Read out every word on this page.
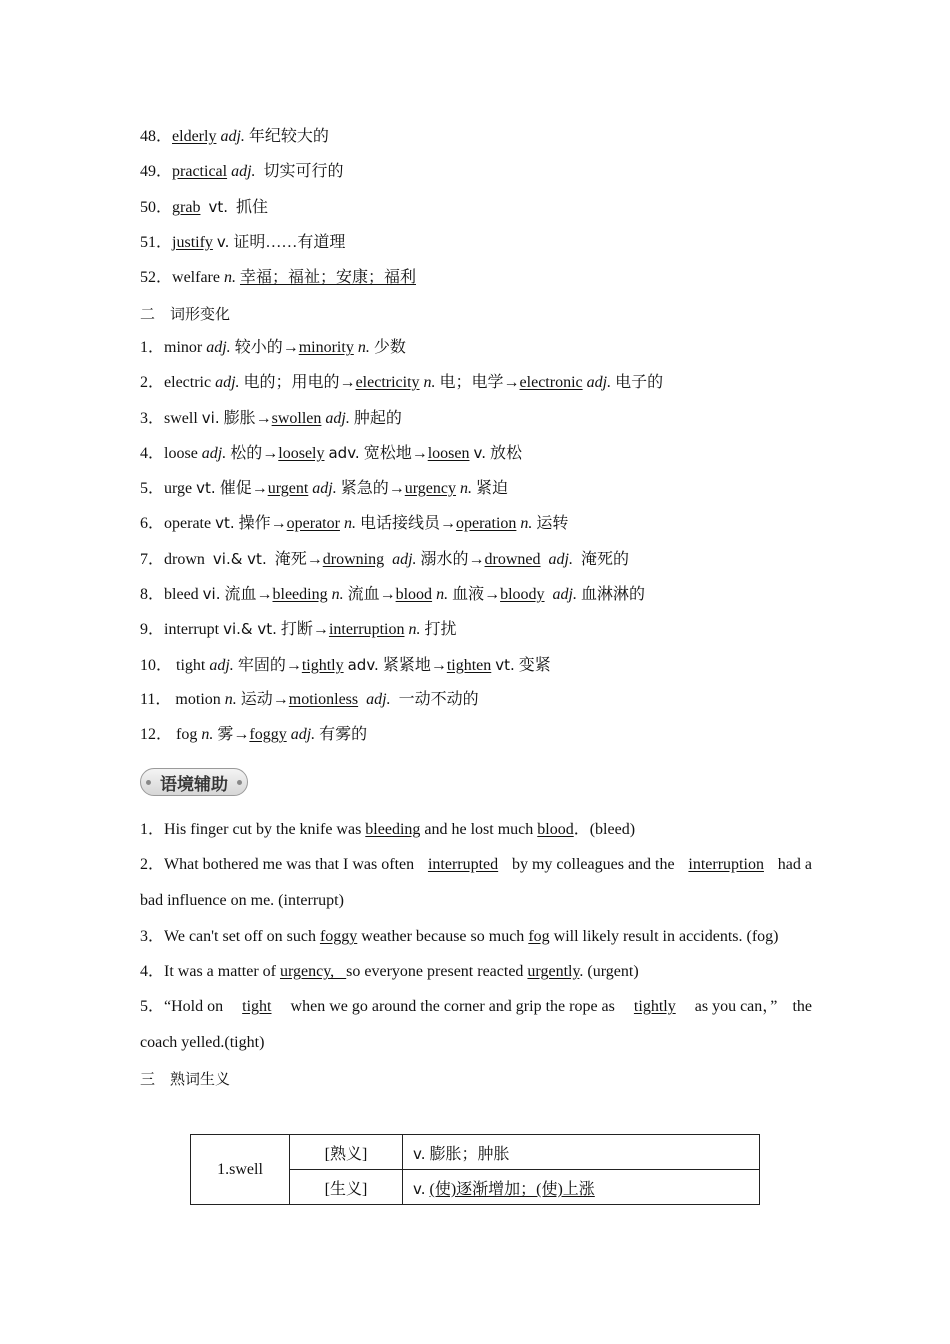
48．elderly adj. 年纪较大的
49．practical adj. 切实可行的
50．grab vt. 抓住
51．justify v. 证明……有道理
52．welfare n. 幸福；福祉；安康；福利
二　词形变化
1．minor adj. 较小的→minority n. 少数
2．electric adj. 电的；用电的→electricity n. 电；电学→electronic adj. 电子的
3．swell vi. 膨胀→swollen adj. 肿起的
4．loose adj. 松的→loosely adv. 宽松地→loosen v. 放松
5．urge vt. 催促→urgent adj. 紧急的→urgency n. 紧迫
6．operate vt. 操作→operator n. 电话接线员→operation n. 运转
7．drown  vi.& vt.  淹死→drowning adj. 溺水的→drowned adj.  淹死的
8．bleed vi. 流血→bleeding n. 流血→blood n. 血液→bloody adj. 血淋淋的
9．interrupt vi.& vt. 打断→interruption n. 打扰
10． tight adj. 牢固的→tightly adv. 紧紧地→tighten vt. 变紧
11． motion n. 运动→motionless adj.  一动不动的
12． fog n. 雾→foggy adj. 有雾的
语境辅助
1．His finger cut by the knife was bleeding and he lost much blood．(bleed)
2．What bothered me was that I was often interrupted by my colleagues and the interruption had a
bad influence on me. (interrupt)
3．We can't set off on such foggy weather because so much fog will likely result in accidents. (fog)
4．It was a matter of urgency,   so everyone present reacted urgently. (urgent)
5．“Hold on tight when we go around the corner and grip the rope as tightly as you can，” the
coach yelled.(tight)
三　熟词生义
1.swell	[熟义]	v. 膨胀；肿胀
	[生义]	v. (使)逐渐增加；(使)上涨
